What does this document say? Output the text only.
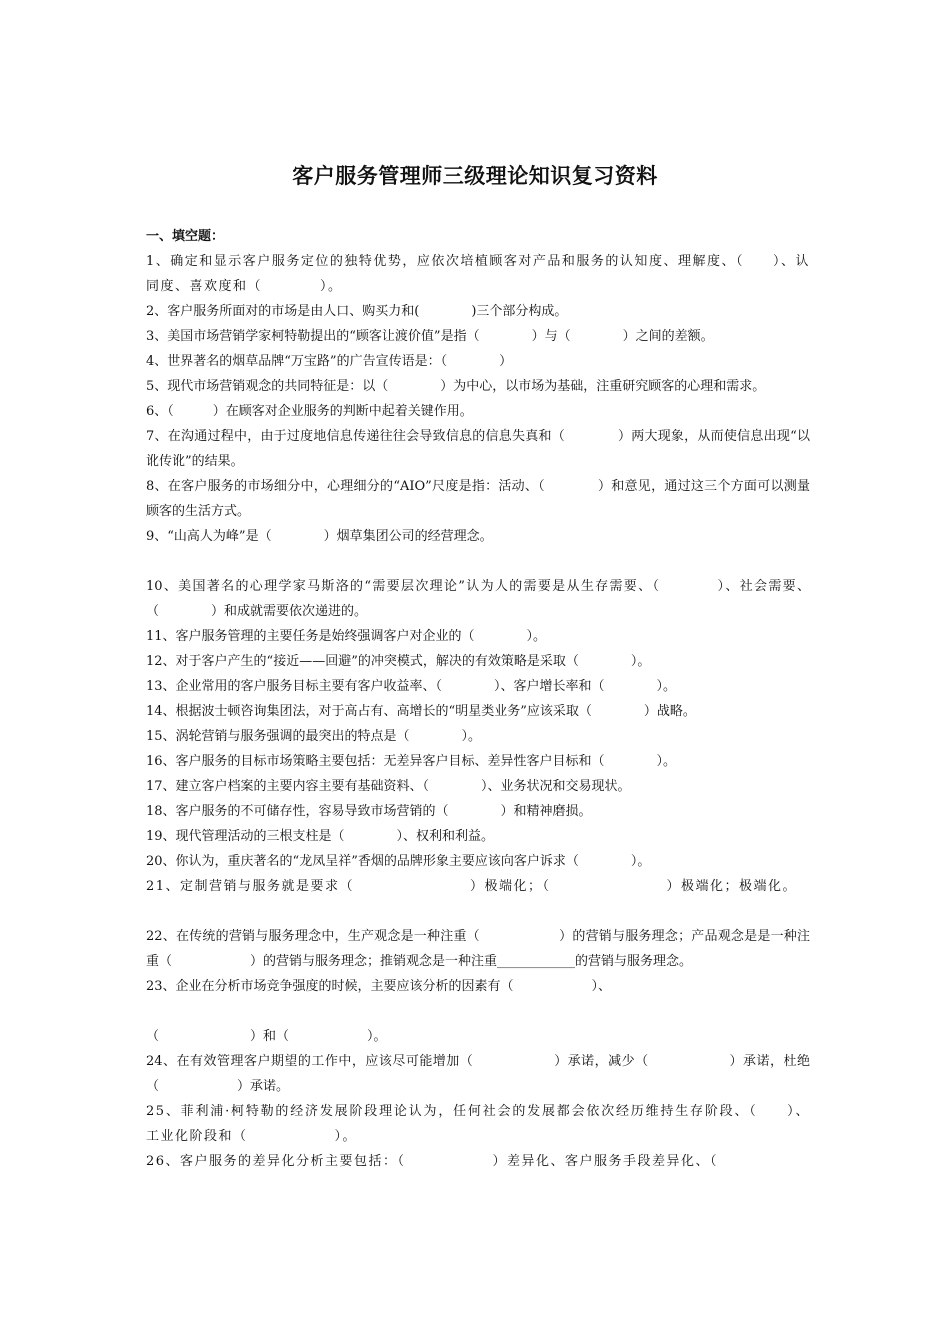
客户服务管理师三级理论知识复习资料

一、填空题：

1、确定和显示客户服务定位的独特优势，应依次培植顾客对产品和服务的认知度、理解度、（　　）、认同度、喜欢度和（　　　　）。

2、客户服务所面对的市场是由人口、购买力和(　　　　)三个部分构成。

3、美国市场营销学家柯特勒提出的“顾客让渡价值”是指（　　　　）与（　　　　）之间的差额。

4、世界著名的烟草品牌“万宝路”的广告宣传语是：（　　　　）

5、现代市场营销观念的共同特征是：以（　　　　）为中心，以市场为基础，注重研究顾客的心理和需求。

6、（　　　）在顾客对企业服务的判断中起着关键作用。

7、在沟通过程中，由于过度地信息传递往往会导致信息的信息失真和（　　　　）两大现象，从而使信息出现“以讹传讹”的结果。

8、在客户服务的市场细分中，心理细分的“AIO”尺度是指：活动、（　　　　）和意见，通过这三个方面可以测量顾客的生活方式。

9、“山高人为峰”是（　　　　）烟草集团公司的经营理念。

10、美国著名的心理学家马斯洛的“需要层次理论”认为人的需要是从生存需要、（　　　　）、社会需要、（　　　　）和成就需要依次递进的。

11、客户服务管理的主要任务是始终强调客户对企业的（　　　　）。

12、对于客户产生的“接近——回避”的冲突模式，解决的有效策略是采取（　　　　）。

13、企业常用的客户服务目标主要有客户收益率、（　　　　）、客户增长率和（　　　　）。

14、根据波士顿咨询集团法，对于高占有、高增长的“明星类业务”应该采取（　　　　）战略。

15、涡轮营销与服务强调的最突出的特点是（　　　　）。

16、客户服务的目标市场策略主要包括：无差异客户目标、差异性客户目标和（　　　　）。

17、建立客户档案的主要内容主要有基础资料、（　　　　）、业务状况和交易现状。

18、客户服务的不可储存性，容易导致市场营销的（　　　　）和精神磨损。

19、现代管理活动的三根支柱是（　　　　）、权利和利益。

20、你认为，重庆著名的“龙凤呈祥”香烟的品牌形象主要应该向客户诉求（　　　　）。

21、定制营销与服务就是要求（　　　　　　　　）极端化；（　　　　　　　　）极端化；极端化。

22、在传统的营销与服务理念中，生产观念是一种注重（　　　　　　）的营销与服务理念；产品观念是是一种注重（　　　　　　）的营销与服务理念；推销观念是一种注重____________的营销与服务理念。

23、企业在分析市场竞争强度的时候，主要应该分析的因素有（　　　　　　）、

（　　　　　　　）和（　　　　　　）。

24、在有效管理客户期望的工作中，应该尽可能增加（　　　　　　）承诺，减少（　　　　　　）承诺，杜绝（　　　　　　）承诺。

25、菲利浦·柯特勒的经济发展阶段理论认为，任何社会的发展都会依次经历维持生存阶段、（　　）、工业化阶段和（　　　　　　）。

26、客户服务的差异化分析主要包括：（　　　　　　）差异化、客户服务手段差异化、（
